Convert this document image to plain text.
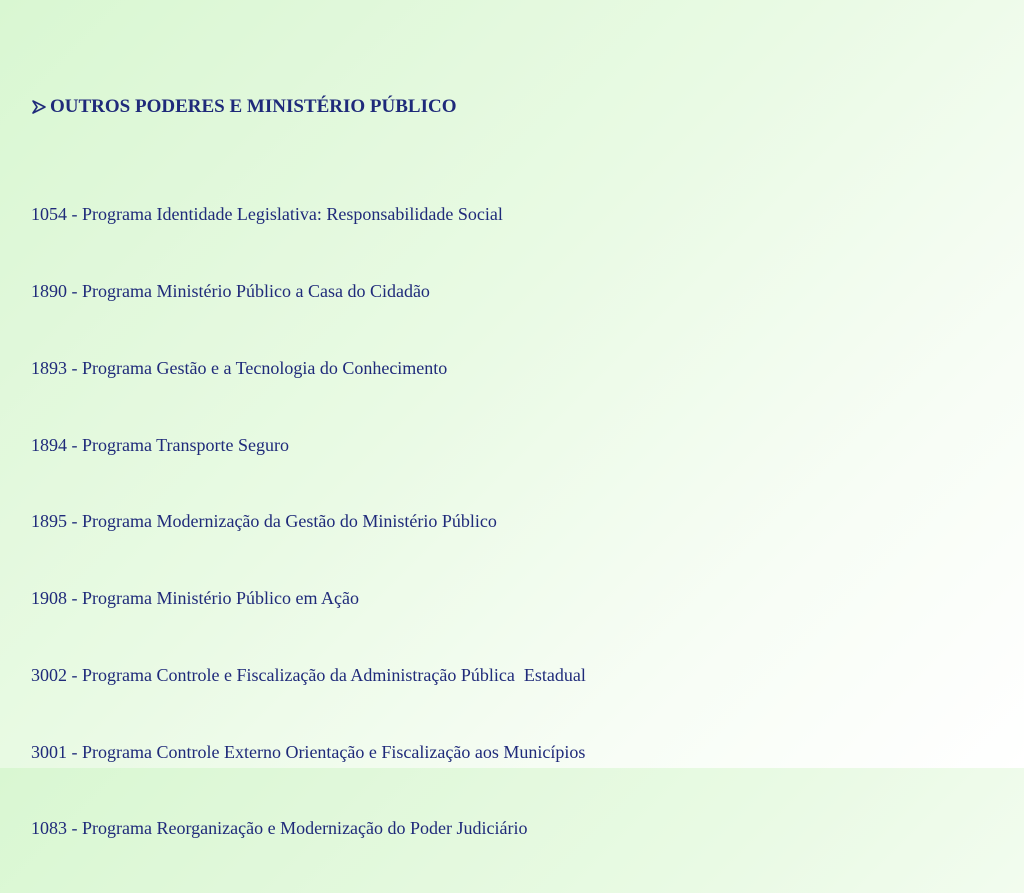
OUTROS PODERES E MINISTÉRIO PÚBLICO

1054 - Programa Identidade Legislativa: Responsabilidade Social

1890 - Programa Ministério Público a Casa do Cidadão

1893 - Programa Gestão e a Tecnologia do Conhecimento

1894 - Programa Transporte Seguro

1895 - Programa Modernização da Gestão do Ministério Público

1908 - Programa Ministério Público em Ação

3002 - Programa Controle e Fiscalização da Administração Pública  Estadual

3001 - Programa Controle Externo Orientação e Fiscalização aos Municípios

1083 - Programa Reorganização e Modernização do Poder Judiciário
